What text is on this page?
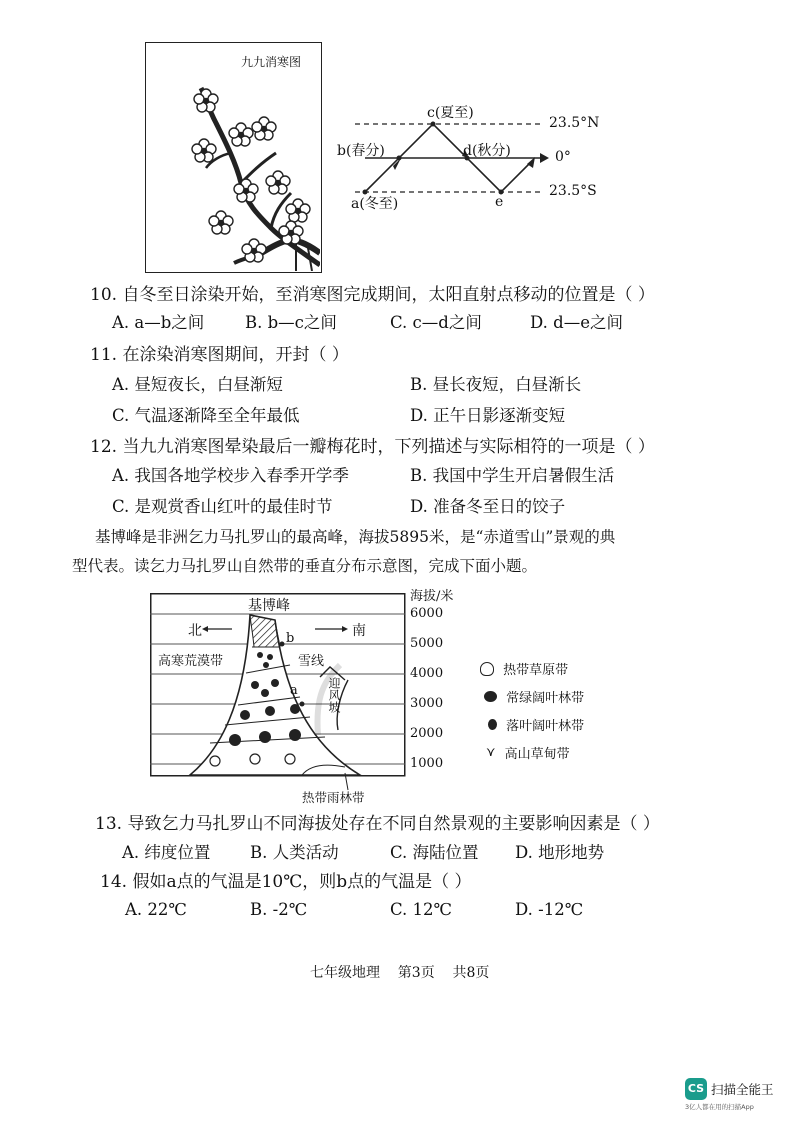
九九消寒图
c(夏至)
b(春分)	d(秋分)
a(冬至)	e
23.5°N
0°
23.5°S
10. 自冬至日涂染开始，至消寒图完成期间，太阳直射点移动的位置是（ ）
A. a—b之间 B. b—c之间	C. c—d之间	D. d—e之间
11. 在涂染消寒图期间，开封（ ）
A. 昼短夜长，白昼渐短	B. 昼长夜短，白昼渐长
C. 气温逐渐降至全年最低	D. 正午日影逐渐变短
12. 当九九消寒图晕染最后一瓣梅花时，下列描述与实际相符的一项是（ ）
A. 我国各地学校步入春季开学季	B. 我国中学生开启暑假生活
C. 是观赏香山红叶的最佳时节	D. 准备冬至日的饺子
基博峰是非洲乞力马扎罗山的最高峰，海拔5895米，是“赤道雪山”景观的典
型代表。读乞力马扎罗山自然带的垂直分布示意图，完成下面小题。
基博峰
北	南
b
高寒荒漠带	雪线
a 迎风坡
热带雨林带
海拔/米
6000
5000
4000
3000
2000
1000
热带草原带
常绿阔叶林带
落叶阔叶林带
⋎ 高山草甸带
13. 导致乞力马扎罗山不同海拔处存在不同自然景观的主要影响因素是（ ）
A. 纬度位置 B. 人类活动	C. 海陆位置 D. 地形地势
14. 假如a点的气温是10℃，则b点的气温是（ ）
A. 22℃	B. -2℃	C. 12℃	D. -12℃
七年级地理    第3页    共8页
CS 扫描全能王
3亿人都在用的扫描App
